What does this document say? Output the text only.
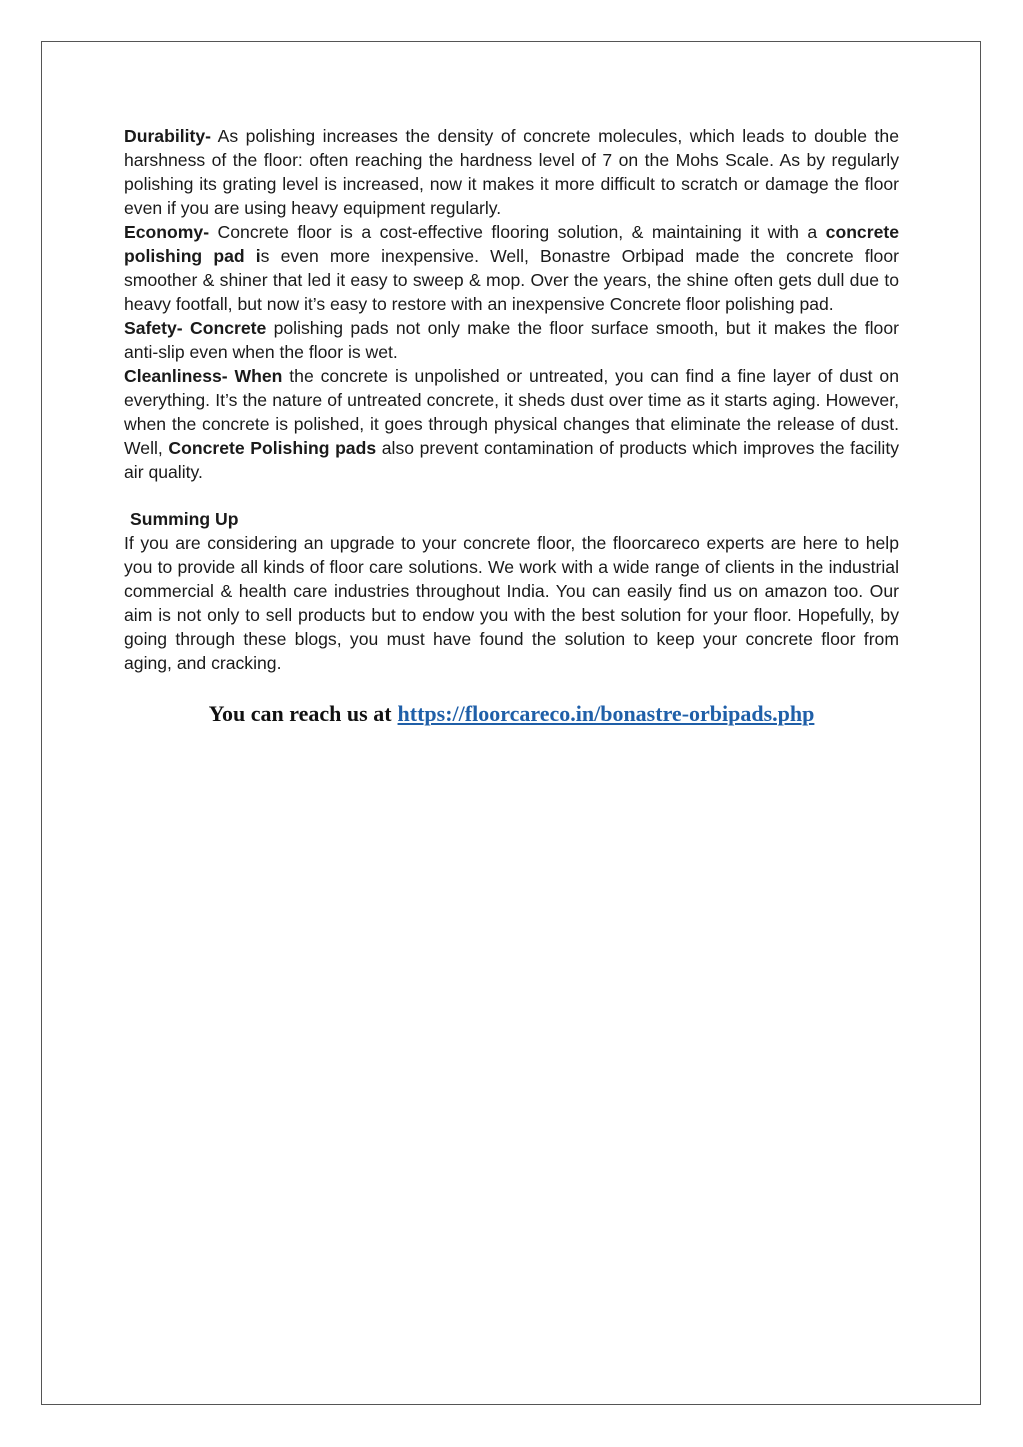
Durability- As polishing increases the density of concrete molecules, which leads to double the harshness of the floor: often reaching the hardness level of 7 on the Mohs Scale. As by regularly polishing its grating level is increased, now it makes it more difficult to scratch or damage the floor even if you are using heavy equipment regularly.

Economy- Concrete floor is a cost-effective flooring solution, & maintaining it with a concrete polishing pad is even more inexpensive. Well, Bonastre Orbipad made the concrete floor smoother & shiner that led it easy to sweep & mop. Over the years, the shine often gets dull due to heavy footfall, but now it’s easy to restore with an inexpensive Concrete floor polishing pad.

Safety- Concrete polishing pads not only make the floor surface smooth, but it makes the floor anti-slip even when the floor is wet.

Cleanliness- When the concrete is unpolished or untreated, you can find a fine layer of dust on everything. It’s the nature of untreated concrete, it sheds dust over time as it starts aging. However, when the concrete is polished, it goes through physical changes that eliminate the release of dust. Well, Concrete Polishing pads also prevent contamination of products which improves the facility air quality.

Summing Up

If you are considering an upgrade to your concrete floor, the floorcareco experts are here to help you to provide all kinds of floor care solutions. We work with a wide range of clients in the industrial commercial & health care industries throughout India. You can easily find us on amazon too. Our aim is not only to sell products but to endow you with the best solution for your floor. Hopefully, by going through these blogs, you must have found the solution to keep your concrete floor from aging, and cracking.

You can reach us at https://floorcareco.in/bonastre-orbipads.php
